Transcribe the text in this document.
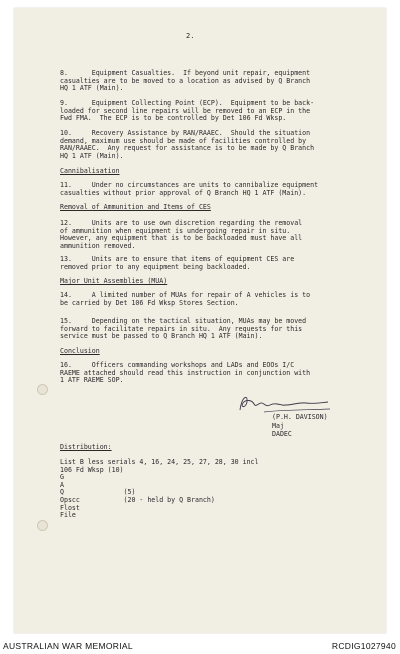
2.
8.      Equipment Casualties.  If beyond unit repair, equipment
casualties are to be moved to a location as advised by Q Branch
HQ 1 ATF (Main).
9.      Equipment Collecting Point (ECP).  Equipment to be back-
loaded for second line repairs will be removed to an ECP in the
Fwd FMA.  The ECP is to be controlled by Det 106 Fd Wksp.
10.     Recovery Assistance by RAN/RAAEC.  Should the situation
demand, maximum use should be made of facilities controlled by
RAN/RAAEC.  Any request for assistance is to be made by Q Branch
HQ 1 ATF (Main).
Cannibalisation
11.     Under no circumstances are units to cannibalize equipment
casualties without prior approval of Q Branch HQ 1 ATF (Main).
Removal of Ammunition and Items of CES
12.     Units are to use own discretion regarding the removal
of ammunition when equipment is undergoing repair in situ.
However, any equipment that is to be backloaded must have all
ammunition removed.
13.     Units are to ensure that items of equipment CES are
removed prior to any equipment being backloaded.
Major Unit Assemblies (MUA)
14.     A limited number of MUAs for repair of A vehicles is to
be carried by Det 106 Fd Wksp Stores Section.
15.     Depending on the tactical situation, MUAs may be moved
forward to facilitate repairs in situ.  Any requests for this
service must be passed to Q Branch HQ 1 ATF (Main).
Conclusion
16.     Officers commanding workshops and LADs and EOOs I/C
RAEME attached should read this instruction in conjunction with
1 ATF RAEME SOP.
(P.H. DAVISON)
Maj
DADEC
Distribution:
List B less serials 4, 16, 24, 25, 27, 28, 30 incl
106 Fd Wksp (10)
G
A
Q               (5)
Opscc           (20 - held by Q Branch)
Flost
File
AUSTRALIAN WAR MEMORIAL	RCDIG1027940
